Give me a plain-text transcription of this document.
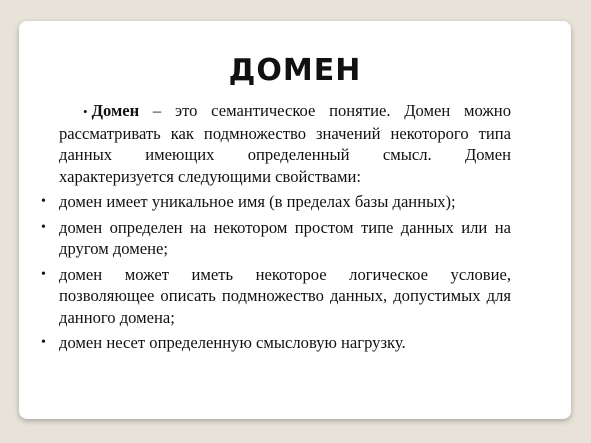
ДОМЕН

• Домен – это семантическое понятие. Домен можно рассматривать как подмножество значений некоторого типа данных имеющих определенный смысл. Домен характеризуется следующими свойствами:

• домен имеет уникальное имя (в пределах базы данных);
• домен определен на некотором простом типе данных или на другом домене;
• домен может иметь некоторое логическое условие, позволяющее описать подмножество данных, допустимых для данного домена;
• домен несет определенную смысловую нагрузку.
